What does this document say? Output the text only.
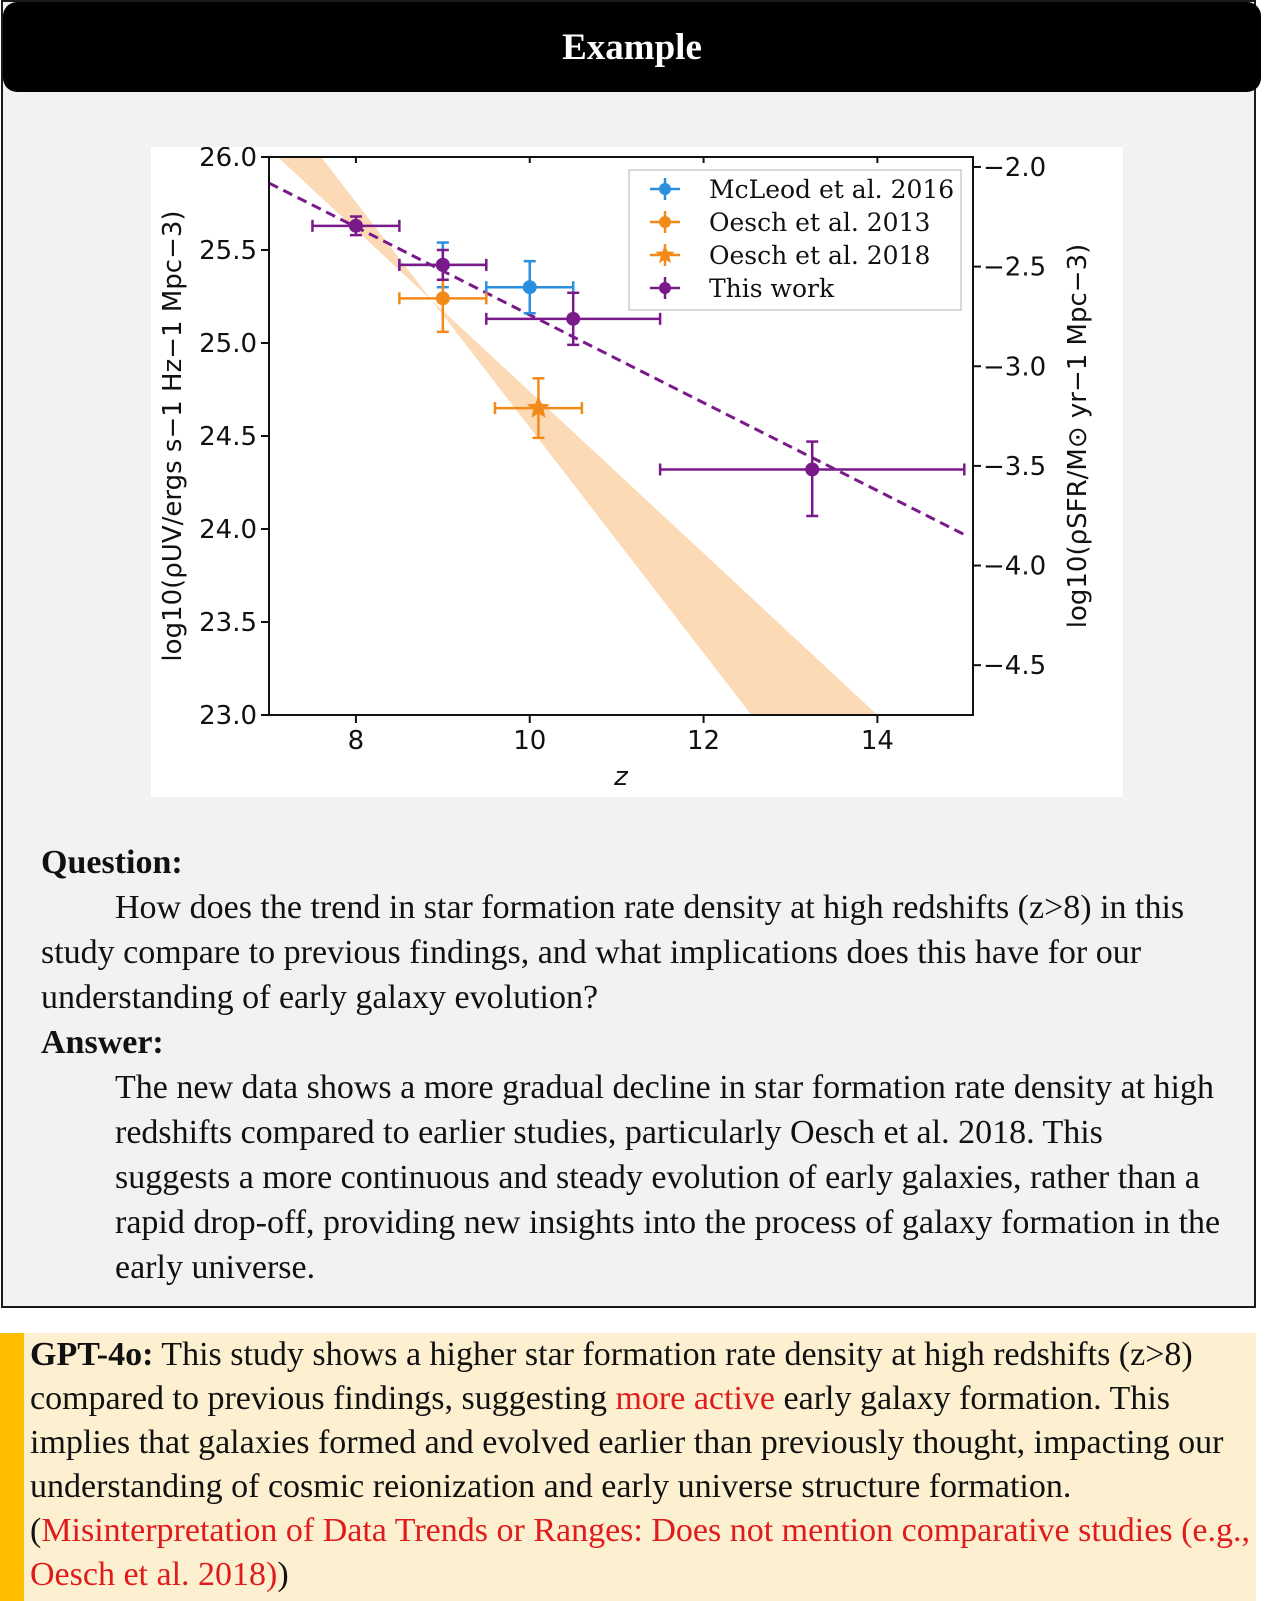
Example
26.0
25.5
25.0
24.5
24.0
23.5
23.0
−2.0
−2.5
−3.0
−3.5
−4.0
−4.5
8	10	12	14
z
log10(ρUV/ergs s−1 Hz−1 Mpc−3)	log10(ρSFR/M⊙ yr−1 Mpc−3)
McLeod et al. 2016
Oesch et al. 2013
Oesch et al. 2018
This work
Question:

How does the trend in star formation rate density at high redshifts (z>8) in this study compare to previous findings, and what implications does this have for our understanding of early galaxy evolution?

Answer:

The new data shows a more gradual decline in star formation rate density at high redshifts compared to earlier studies, particularly Oesch et al. 2018. This suggests a more continuous and steady evolution of early galaxies, rather than a rapid drop-off, providing new insights into the process of galaxy formation in the early universe.

GPT-4o: This study shows a higher star formation rate density at high redshifts (z>8) compared to previous findings, suggesting more active early galaxy formation. This implies that galaxies formed and evolved earlier than previously thought, impacting our understanding of cosmic reionization and early universe structure formation.(Misinterpretation of Data Trends or Ranges: Does not mention comparative studies (e.g., Oesch et al. 2018))
